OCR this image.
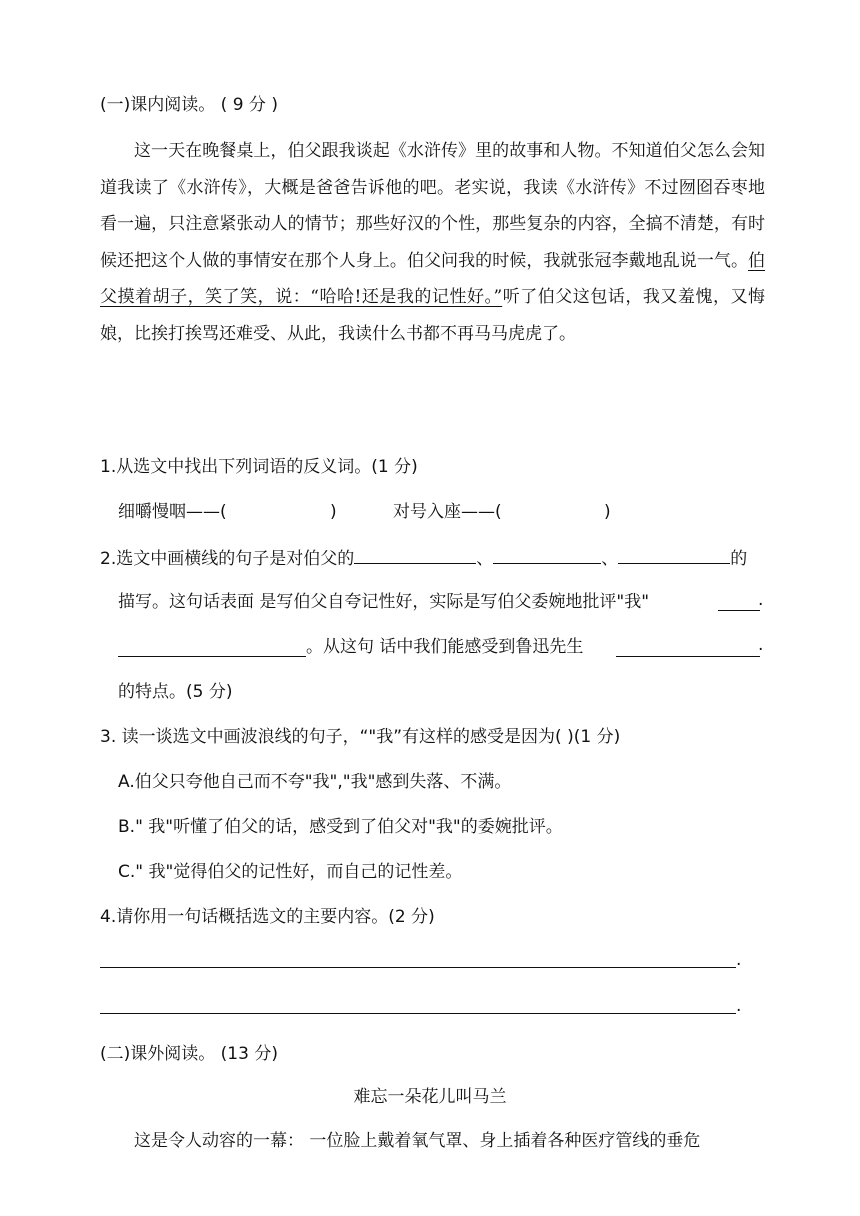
(一)课内阅读。 ( 9 分 )
这一天在晚餐桌上，伯父跟我谈起《水浒传》里的故事和人物。不知道伯父怎么会知道我读了《水浒传》，大概是爸爸告诉他的吧。老实说，我读《水浒传》不过囫囵吞枣地看一遍，只注意紧张动人的情节；那些好汉的个性，那些复杂的内容，全搞不清楚，有时候还把这个人做的事情安在那个人身上。伯父问我的时候，我就张冠李戴地乱说一气。伯父摸着胡子，笑了笑，说：“哈哈!还是我的记性好。”听了伯父这包话，我又羞愧，又悔娘，比挨打挨骂还难受、从此，我读什么书都不再马马虎虎了。
1.从选文中找出下列词语的反义词。(1 分)
细嚼慢咽——(	)	对号入座——(	)
2.选文中画横线的句子是对伯父的	、	、	的
描写。这句话表面 是写伯父自夸记性好，实际是写伯父委婉地批评"我"	.
。从这句 话中我们能感受到鲁迅先生	.
的特点。(5 分)
3. 读一谈选文中画波浪线的句子，“"我”有这样的感受是因为( )(1 分)
A.伯父只夸他自己而不夸"我","我"感到失落、不满。
B." 我"听懂了伯父的话，感受到了伯父对"我"的委婉批评。
C." 我"觉得伯父的记性好，而自己的记性差。
4.请你用一句话概括选文的主要内容。(2 分)
.
.
(二)课外阅读。 (13 分)
难忘一朵花儿叫马兰
这是令人动容的一幕： 一位脸上戴着氧气罩、身上插着各种医疗管线的垂危
